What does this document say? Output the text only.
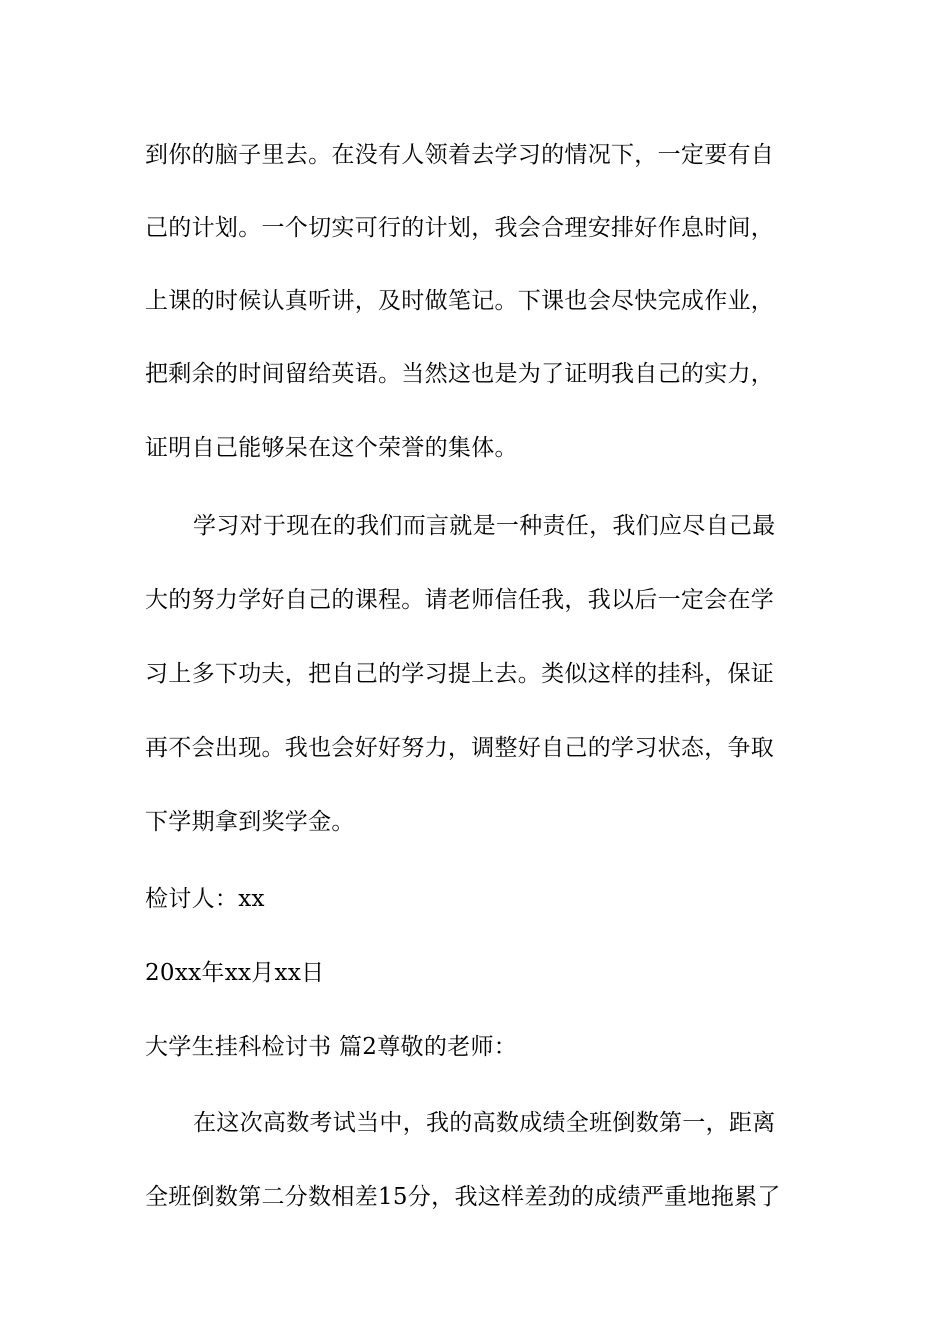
到你的脑子里去。在没有人领着去学习的情况下，一定要有自
己的计划。一个切实可行的计划，我会合理安排好作息时间，
上课的时候认真听讲，及时做笔记。下课也会尽快完成作业，
把剩余的时间留给英语。当然这也是为了证明我自己的实力，
证明自己能够呆在这个荣誉的集体。
学习对于现在的我们而言就是一种责任，我们应尽自己最
大的努力学好自己的课程。请老师信任我，我以后一定会在学
习上多下功夫，把自己的学习提上去。类似这样的挂科，保证
再不会出现。我也会好好努力，调整好自己的学习状态，争取
下学期拿到奖学金。
检讨人：xx
20xx年xx月xx日
大学生挂科检讨书 篇2尊敬的老师：
在这次高数考试当中，我的高数成绩全班倒数第一，距离
全班倒数第二分数相差15分，我这样差劲的成绩严重地拖累了
